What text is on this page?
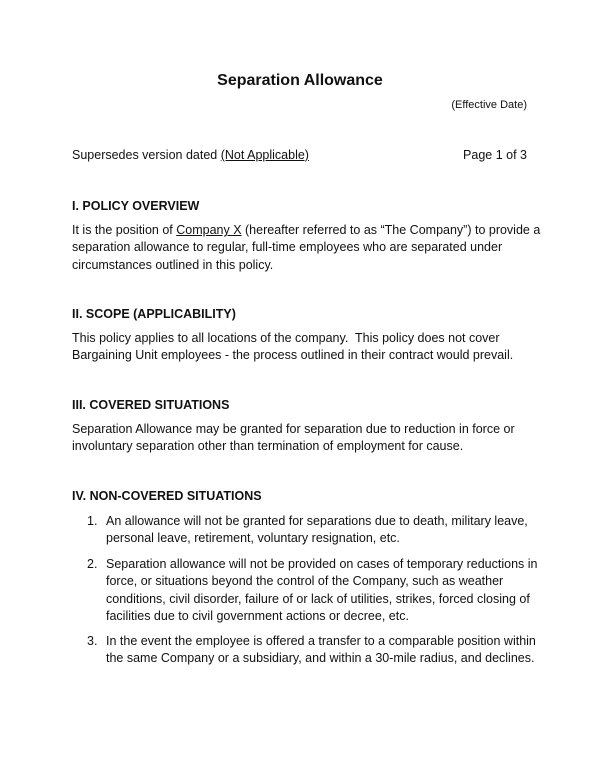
Separation Allowance
(Effective Date)
Supersedes version dated (Not Applicable)	Page 1 of 3
I. POLICY OVERVIEW
It is the position of Company X (hereafter referred to as “The Company”) to provide a
separation allowance to regular, full-time employees who are separated under
circumstances outlined in this policy.
II. SCOPE (APPLICABILITY)
This policy applies to all locations of the company.  This policy does not cover
Bargaining Unit employees - the process outlined in their contract would prevail.
III. COVERED SITUATIONS
Separation Allowance may be granted for separation due to reduction in force or
involuntary separation other than termination of employment for cause.
IV. NON-COVERED SITUATIONS
1. An allowance will not be granted for separations due to death, military leave,
personal leave, retirement, voluntary resignation, etc.
2. Separation allowance will not be provided on cases of temporary reductions in
force, or situations beyond the control of the Company, such as weather
conditions, civil disorder, failure of or lack of utilities, strikes, forced closing of
facilities due to civil government actions or decree, etc.
3. In the event the employee is offered a transfer to a comparable position within
the same Company or a subsidiary, and within a 30-mile radius, and declines.
